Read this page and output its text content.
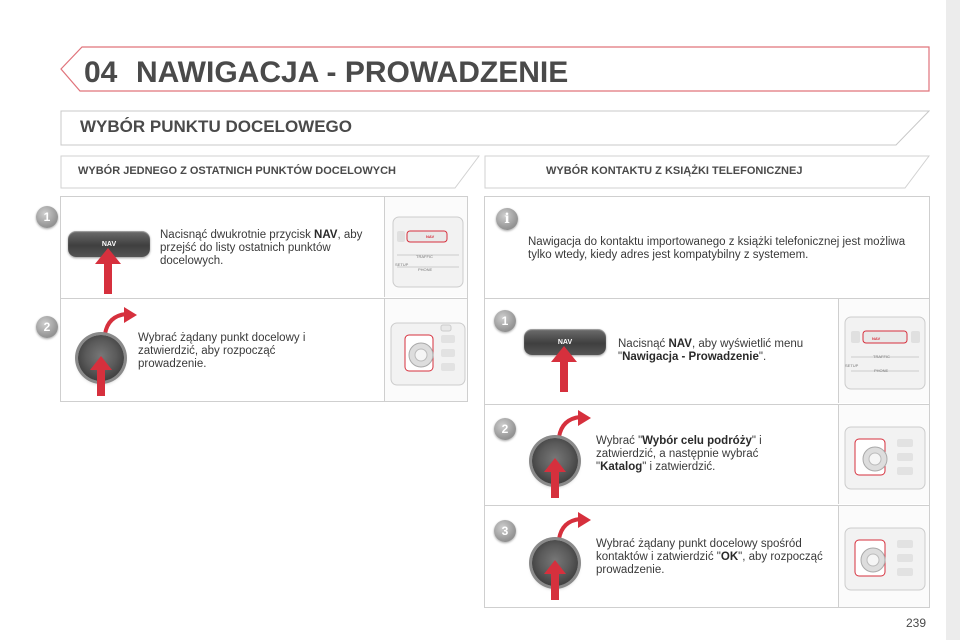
04 NAWIGACJA - PROWADZENIE
WYBÓR PUNKTU DOCELOWEGO
WYBÓR JEDNEGO Z OSTATNICH PUNKTÓW DOCELOWYCH	WYBÓR KONTAKTU Z KSIĄŻKI TELEFONICZNEJ
1
NAV
Nacisnąć dwukrotnie przycisk NAV, aby przejść do listy ostatnich punktów docelowych.
NAV
TRAFFIC
SETUP
PHONE
2
Wybrać żądany punkt docelowy i zatwierdzić, aby rozpocząć prowadzenie.
i
Nawigacja do kontaktu importowanego z książki telefonicznej jest możliwa tylko wtedy, kiedy adres jest kompatybilny z systemem.
1
NAV	Nacisnąć NAV, aby wyświetlić menu "Nawigacja - Prowadzenie".
NAV
TRAFFIC
SETUP
PHONE
2
Wybrać "Wybór celu podróży" i zatwierdzić, a następnie wybrać "Katalog" i zatwierdzić.
3
Wybrać żądany punkt docelowy spośród kontaktów i zatwierdzić "OK", aby rozpocząć prowadzenie.
239
